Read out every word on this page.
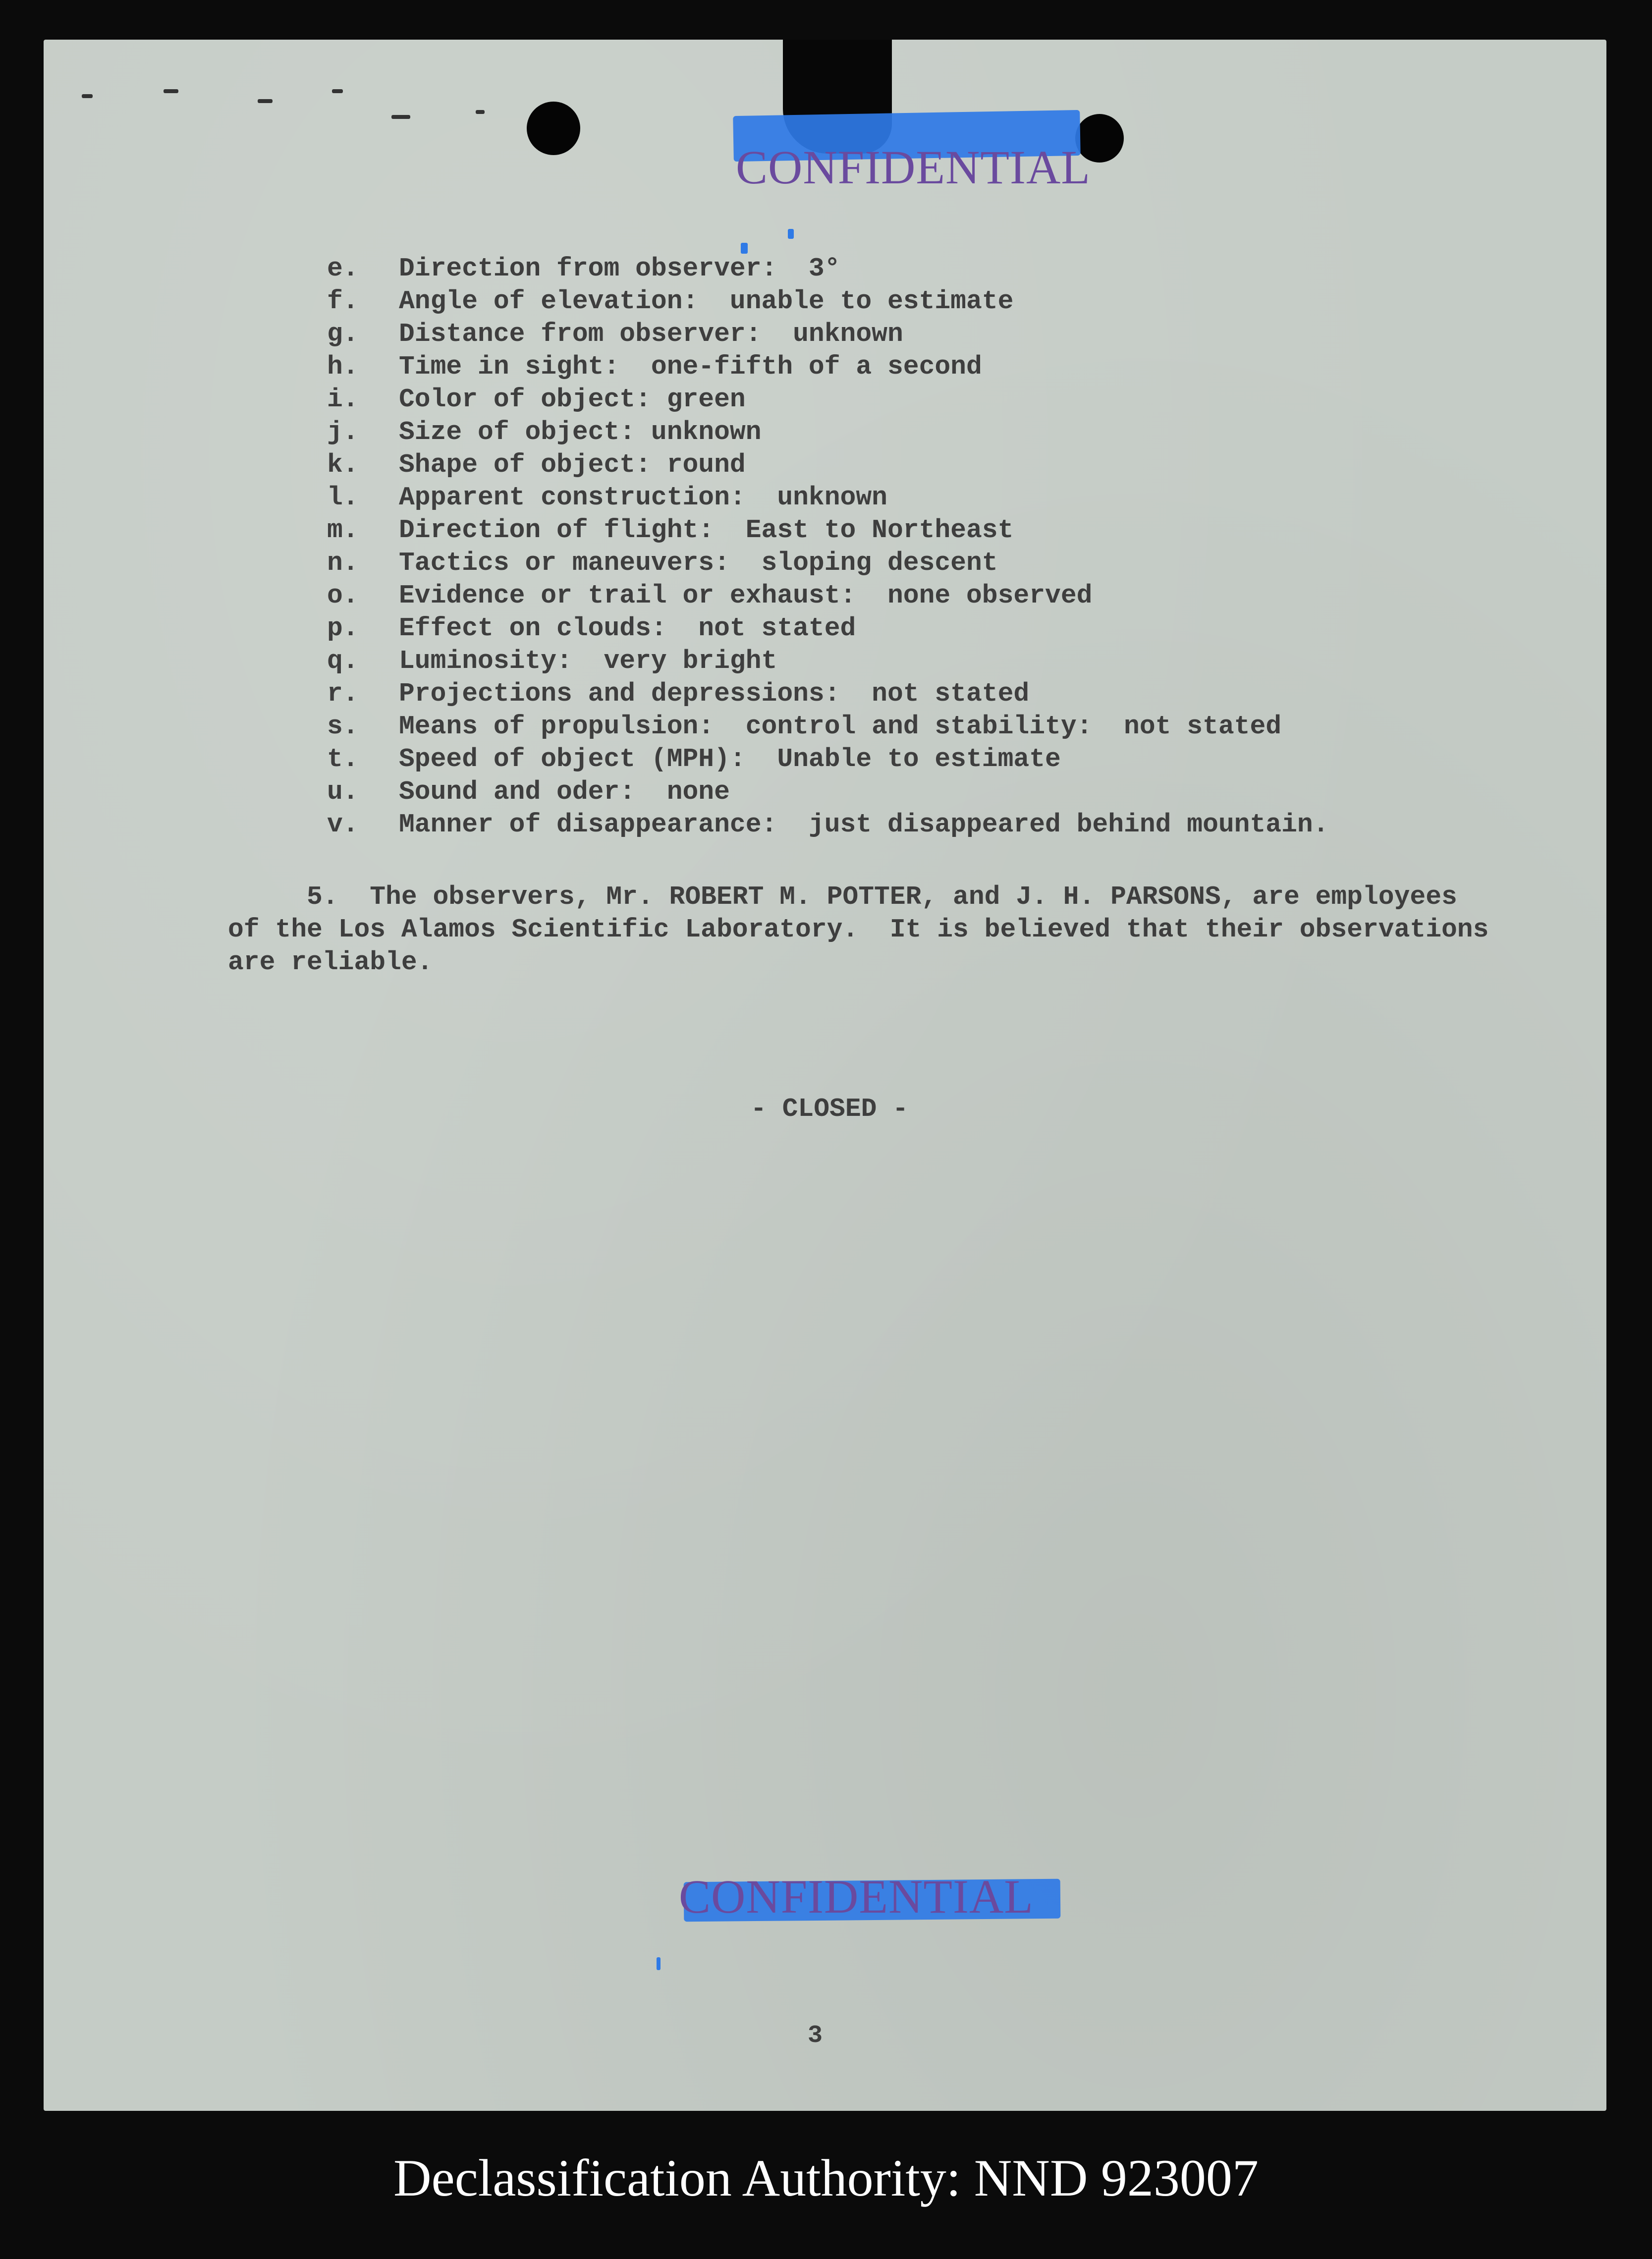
CONFIDENTIAL
e. Direction from observer:  3°
f. Angle of elevation:  unable to estimate
g. Distance from observer:  unknown
h. Time in sight:  one-fifth of a second
i. Color of object: green
j. Size of object: unknown
k. Shape of object: round
l. Apparent construction:  unknown
m. Direction of flight:  East to Northeast
n. Tactics or maneuvers:  sloping descent
o. Evidence or trail or exhaust:  none observed
p. Effect on clouds:  not stated
q. Luminosity:  very bright
r. Projections and depressions:  not stated
s. Means of propulsion:  control and stability:  not stated
t. Speed of object (MPH):  Unable to estimate
u. Sound and oder:  none
v. Manner of disappearance:  just disappeared behind mountain.
5.  The observers, Mr. ROBERT M. POTTER, and J. H. PARSONS, are employees
of the Los Alamos Scientific Laboratory.  It is believed that their observations
are reliable.
- CLOSED -
CONFIDENTIAL
3
Declassification Authority: NND 923007
